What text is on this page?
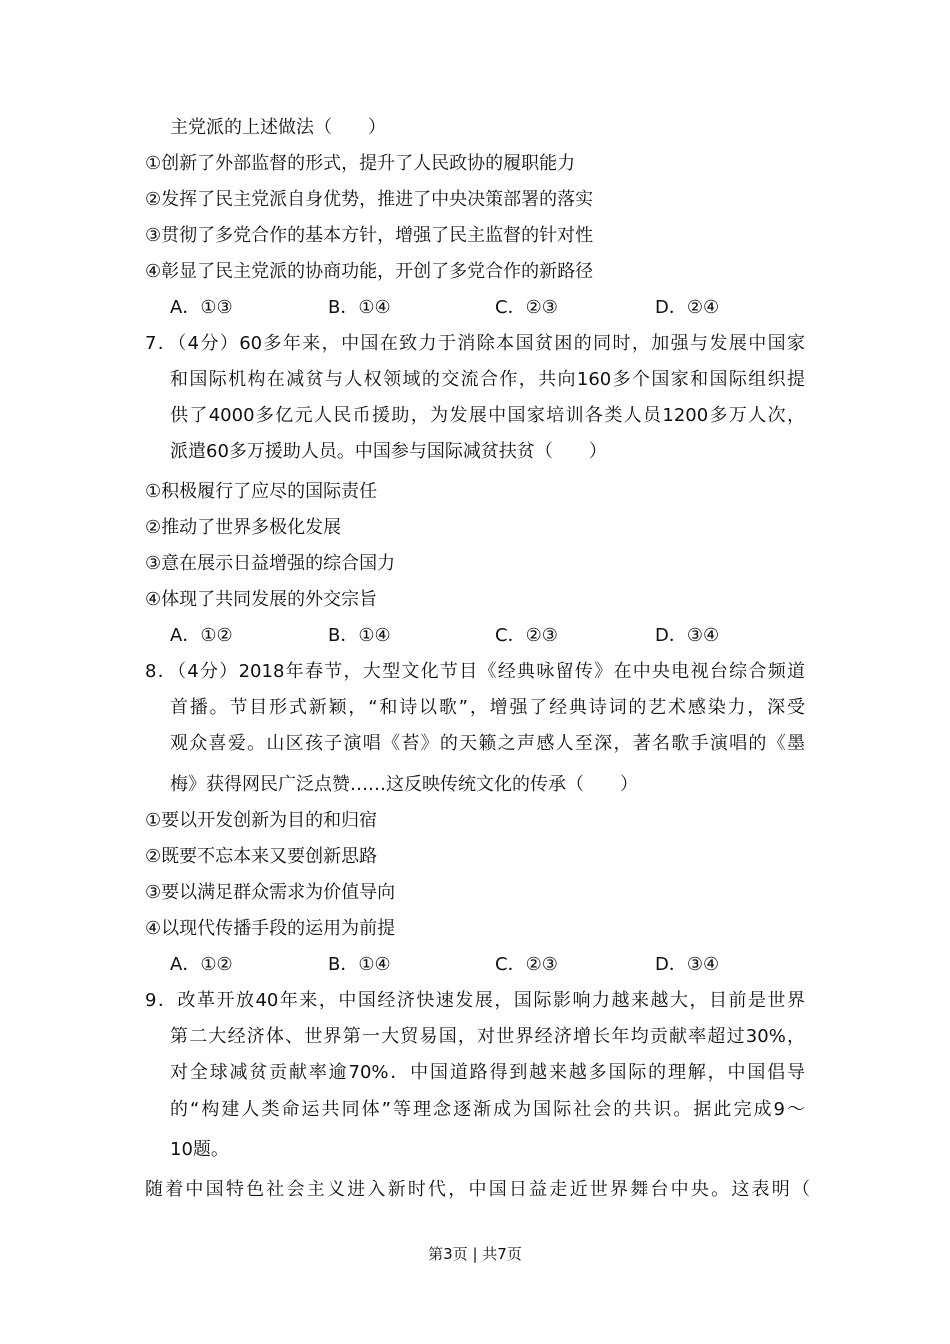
主党派的上述做法（　　）
①创新了外部监督的形式，提升了人民政协的履职能力
②发挥了民主党派自身优势，推进了中央决策部署的落实
③贯彻了多党合作的基本方针，增强了民主监督的针对性
④彰显了民主党派的协商功能，开创了多党合作的新路径
A．①③	B．①④	C．②③	D．②④
7．（4分）60多年来，中国在致力于消除本国贫困的同时，加强与发展中国家
和国际机构在减贫与人权领域的交流合作，共向160多个国家和国际组织提
供了4000多亿元人民币援助，为发展中国家培训各类人员1200多万人次，
派遣60多万援助人员。中国参与国际减贫扶贫（　　）
①积极履行了应尽的国际责任
②推动了世界多极化发展
③意在展示日益增强的综合国力
④体现了共同发展的外交宗旨
A．①②	B．①④	C．②③	D．③④
8．（4分）2018年春节，大型文化节目《经典咏留传》在中央电视台综合频道
首播。节目形式新颖，“和诗以歌”，增强了经典诗词的艺术感染力，深受
观众喜爱。山区孩子演唱《苔》的天籁之声感人至深，著名歌手演唱的《墨
梅》获得网民广泛点赞……这反映传统文化的传承（　　）
①要以开发创新为目的和归宿
②既要不忘本来又要创新思路
③要以满足群众需求为价值导向
④以现代传播手段的运用为前提
A．①②	B．①④	C．②③	D．③④
9．改革开放40年来，中国经济快速发展，国际影响力越来越大，目前是世界
第二大经济体、世界第一大贸易国，对世界经济增长年均贡献率超过30%，
对全球减贫贡献率逾70%．中国道路得到越来越多国际的理解，中国倡导
的“构建人类命运共同体”等理念逐渐成为国际社会的共识。据此完成9～
10题。
随着中国特色社会主义进入新时代，中国日益走近世界舞台中央。这表明（
第3页 | 共7页
